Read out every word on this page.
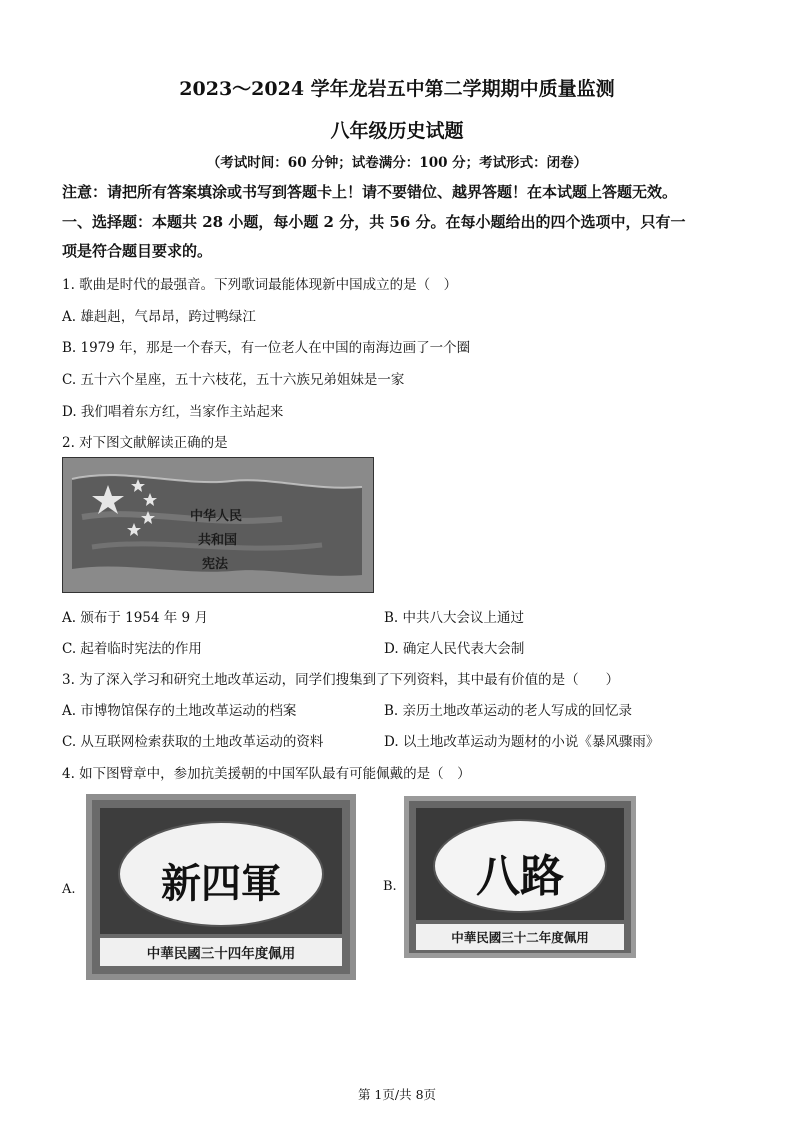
2023～2024 学年龙岩五中第二学期期中质量监测
八年级历史试题
（考试时间：60 分钟；试卷满分：100 分；考试形式：闭卷）
注意：请把所有答案填涂或书写到答题卡上！请不要错位、越界答题！在本试题上答题无效。
一、选择题：本题共 28 小题，每小题 2 分，共 56 分。在每小题给出的四个选项中，只有一
项是符合题目要求的。
1. 歌曲是时代的最强音。下列歌词最能体现新中国成立的是（　）
A. 雄赳赳，气昂昂，跨过鸭绿江
B. 1979 年，那是一个春天，有一位老人在中国的南海边画了一个圈
C. 五十六个星座，五十六枝花，五十六族兄弟姐妹是一家
D. 我们唱着东方红，当家作主站起来
2. 对下图文献解读正确的是
中华人民
共和国
宪法
A. 颁布于 1954 年 9 月	B. 中共八大会议上通过
C. 起着临时宪法的作用	D. 确定人民代表大会制
3. 为了深入学习和研究土地改革运动，同学们搜集到了下列资料，其中最有价值的是（　　）
A. 市博物馆保存的土地改革运动的档案	B. 亲历土地改革运动的老人写成的回忆录
C. 从互联网检索获取的土地改革运动的资料	D. 以土地改革运动为题材的小说《暴风骤雨》
4. 如下图臂章中，参加抗美援朝的中国军队最有可能佩戴的是（　）
A.	新四軍
中華民國三十四年度佩用
B.	八路
中華民國三十二年度佩用
第 1页/共 8页
